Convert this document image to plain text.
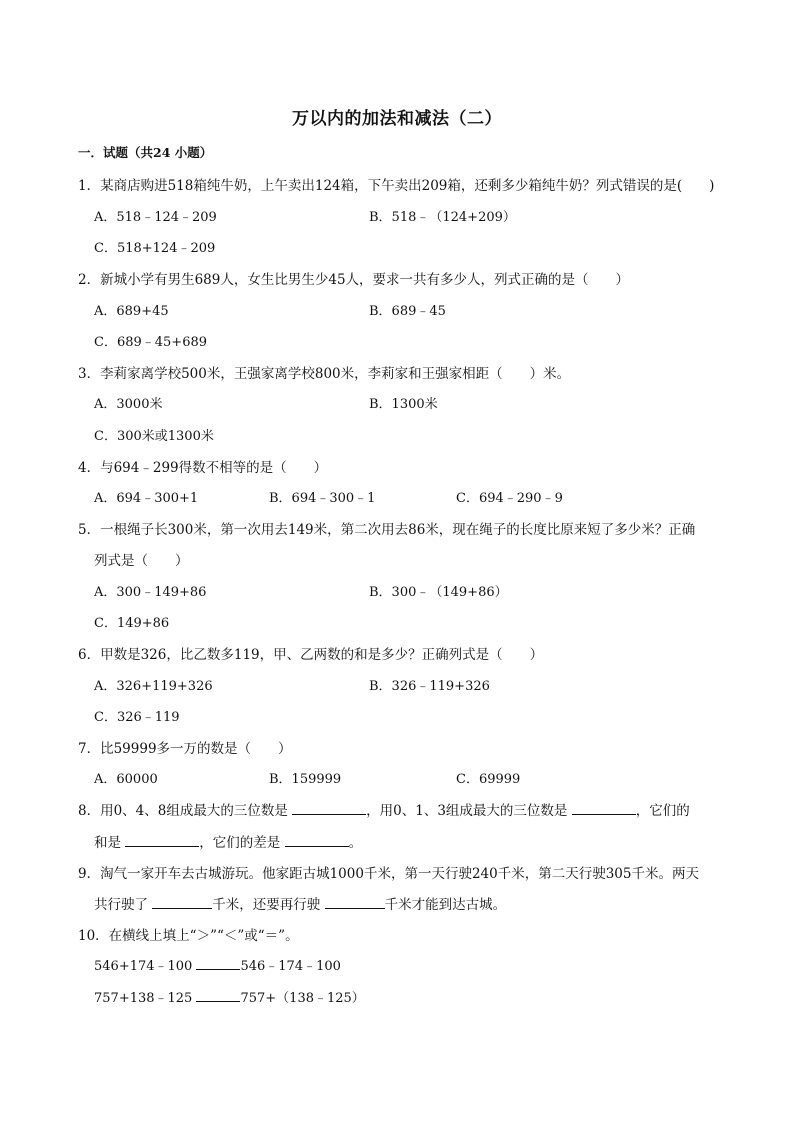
万以内的加法和减法（二）
一．试题（共24 小题）
1．某商店购进518箱纯牛奶，上午卖出124箱，下午卖出209箱，还剩多少箱纯牛奶？列式错误的是(　　)
A．518﹣124﹣209	B．518﹣（124+209）
C．518+124﹣209
2．新城小学有男生689人，女生比男生少45人，要求一共有多少人，列式正确的是（　　）
A．689+45	B．689﹣45
C．689﹣45+689
3．李莉家离学校500米，王强家离学校800米，李莉家和王强家相距（　　）米。
A．3000米	B．1300米
C．300米或1300米
4．与694﹣299得数不相等的是（　　）
A．694﹣300+1	B．694﹣300﹣1	C．694﹣290﹣9
5．一根绳子长300米，第一次用去149米，第二次用去86米，现在绳子的长度比原来短了多少米？正确
列式是（　　）
A．300﹣149+86	B．300﹣（149+86）
C．149+86
6．甲数是326，比乙数多119，甲、乙两数的和是多少？正确列式是（　　）
A．326+119+326	B．326﹣119+326
C．326﹣119
7．比59999多一万的数是（　　）
A．60000	B．159999	C．69999
8．用0、4、8组成最大的三位数是	，用0、1、3组成最大的三位数是	，它们的
和是	，它们的差是	。
9．淘气一家开车去古城游玩。他家距古城1000千米，第一天行驶240千米，第二天行驶305千米。两天
共行驶了	千米，还要再行驶	千米才能到达古城。
10．在横线上填上“＞”“＜”或“＝”。
546+174﹣100	546﹣174﹣100
757+138﹣125	757+（138﹣125）
